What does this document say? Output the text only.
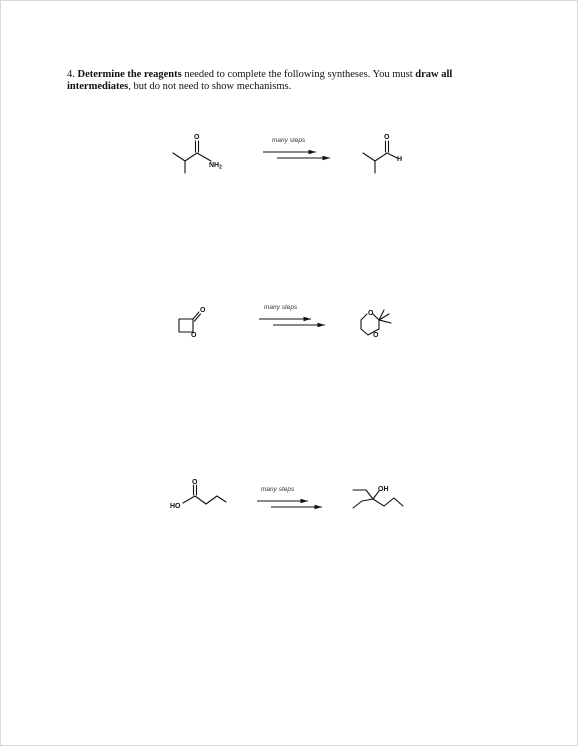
4. Determine the reagents needed to complete the following syntheses. You must draw all intermediates, but do not need to show mechanisms.
O
$NH_2$
many steps	O
H
O
O
many steps
O
O
O
HO
many steps	OH
